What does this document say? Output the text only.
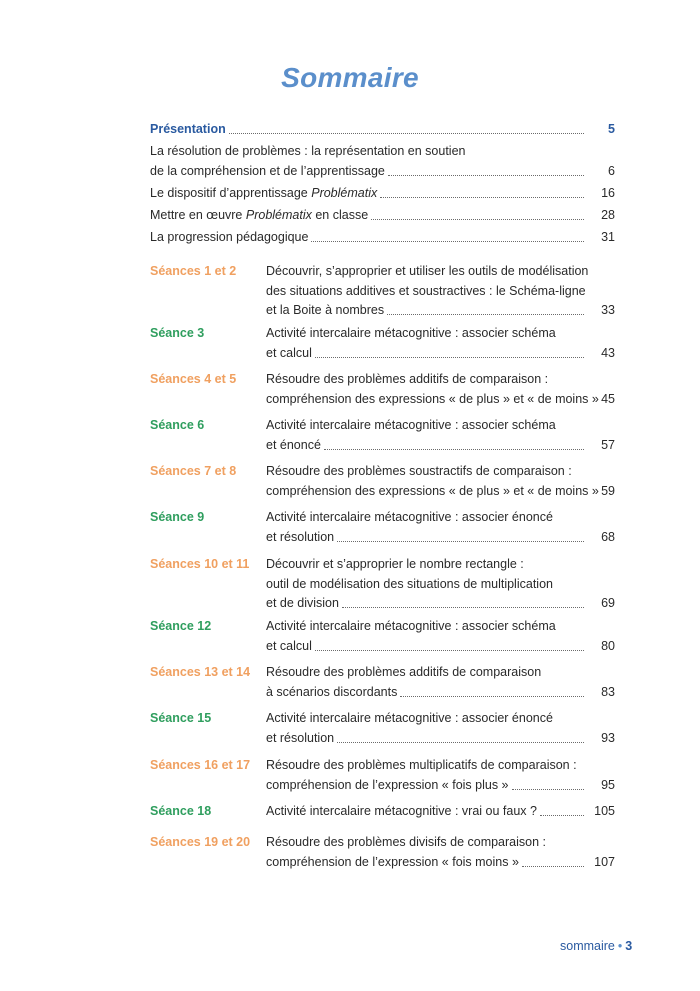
Sommaire
Présentation	5
La résolution de problèmes : la représentation en soutien
de la compréhension et de l’apprentissage	6
Le dispositif d’apprentissage Problématix	16
Mettre en œuvre Problématix en classe	28
La progression pédagogique	31
Séances 1 et 2 Découvrir, s’approprier et utiliser les outils de modélisation
des situations additives et soustractives : le Schéma-ligne
et la Boite à nombres	33
Séance 3	Activité intercalaire métacognitive : associer schéma
et calcul	43
Séances 4 et 5 Résoudre des problèmes additifs de comparaison :
compréhension des expressions « de plus » et « de moins » 45
Séance 6	Activité intercalaire métacognitive : associer schéma
et énoncé	57
Séances 7 et 8 Résoudre des problèmes soustractifs de comparaison :
compréhension des expressions « de plus » et « de moins » 59
Séance 9	Activité intercalaire métacognitive : associer énoncé
et résolution	68
Séances 10 et 11 Découvrir et s’approprier le nombre rectangle :
outil de modélisation des situations de multiplication
et de division	69
Séance 12	Activité intercalaire métacognitive : associer schéma
et calcul	80
Séances 13 et 14 Résoudre des problèmes additifs de comparaison
à scénarios discordants	83
Séance 15	Activité intercalaire métacognitive : associer énoncé
et résolution	93
Séances 16 et 17 Résoudre des problèmes multiplicatifs de comparaison :
compréhension de l’expression « fois plus »	95
Séance 18	Activité intercalaire métacognitive : vrai ou faux ?	105
Séances 19 et 20 Résoudre des problèmes divisifs de comparaison :
compréhension de l’expression « fois moins »	107
sommaire • 3
